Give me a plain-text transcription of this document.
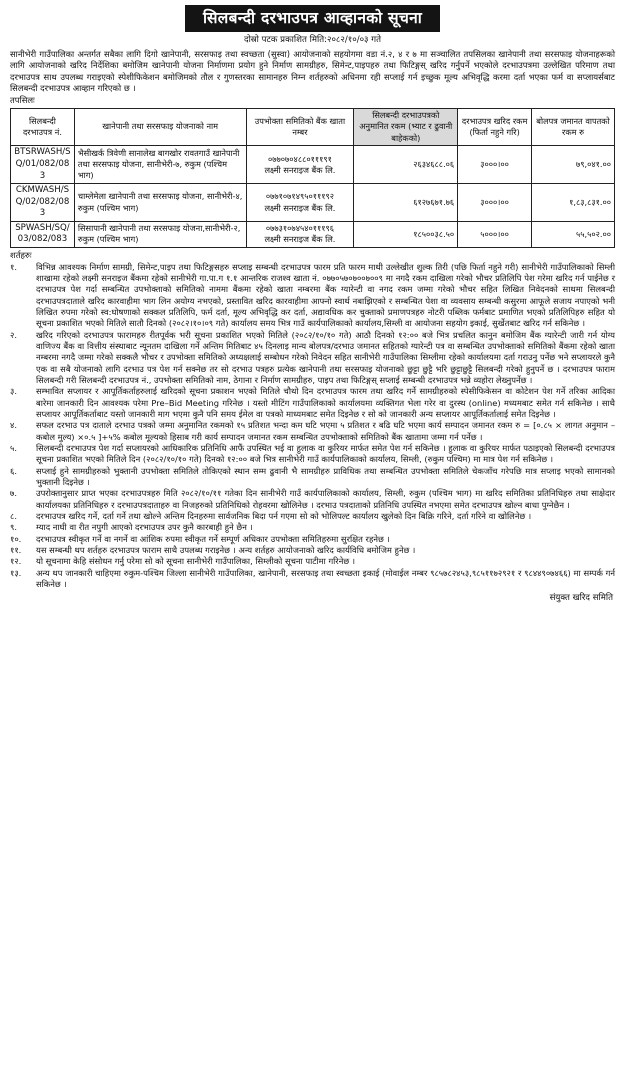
सिलबन्दी दरभाउपत्र आव्हानको सूचना
दोस्रो पटक प्रकाशित मिति:२०८२/१०/०३ गते
सानीभेरी गाउँपालिका अन्तर्गत सबैका लागि दिगो खानेपानी, सरसफाइ तथा स्वच्छता (सुस्वा) आयोजनाको सहयोगमा वडा नं.२, ४ र ७ मा सञ्चालित तपसिलका खानेपानी तथा सरसफाइ योजनाहरूको लागि आयोजनाको खरिद निर्देशिका बमोजिम खानेपानी योजना निर्माणमा प्रयोग हुने निर्माण सामग्रीहरु, सिमेन्ट,पाइपहरु तथा फिटिङ्गस् खरिद गर्नुपर्ने भएकोले दरभाउपत्रमा उल्लेखित परिमाण तथा दरभाउपत्र साथ उपलब्ध गराइएको स्पेशीफिकेशन बमोजिमको तौल र गुणस्तरका सामानहरु निम्न शर्तहरुको अधिनमा रही सप्लाई गर्न इच्छुक मूल्य अभिवृद्धि करमा दर्ता भएका फर्म वा सप्लायर्सबाट सिलबन्दी दरभाउपत्र आव्हान गरिएको छ ।
तपसिलः
सिलबन्दी दरभाउपत्र नं.	खानेपानी तथा सरसफाइ योजनाको नाम	उपभोक्ता समितिको बैंक खाता नम्बर	सिलबन्दी दरभाउपत्रको अनुमानित रकम (भ्याट र ढुवानी बाहेकको)	दरभाउपत्र खरिद रकम (फिर्ता नहुने गरि)	बोलपत्र जमानत वापतको रकम रु
BTSRWASH/SQ/01/082/083	भैसीखर्क त्रिवेणी सानालेख बागखोर रावतगाउँ खानेपानी तथा सरसफाइ योजना, सानीभेरी-७, रुकुम (पश्चिम भाग)	०७७०७०४८८०१११९१
लक्ष्मी सनराइज बैंक लि.	२६३४६८८.०६	३०००।००	७९,०४१.००
CKMWASH/SQ/02/082/083	चाम्लेमेला खानेपानी तथा सरसफाइ योजना, सानीभेरी-४, रुकुम (पश्चिम भाग)	०७७१०७१४९५०१११९२
लक्ष्मी सनराइज बैंक लि.	६१२७६७१.७६	३०००।००	१,८३,८३१.००
SPWASH/SQ/03/082/083	सिसापानी खानेपानी तथा सरसफाइ योजना,सानीभेरी-२, रुकुम (पश्चिम भाग)	०७७३१०७४५४०१११९६
लक्ष्मी सनराइज बैंक लि.	१८५००३८.५०	५०००।००	५५,५०२.००
शर्तहरुः
१.	विभिन्न आवश्यक निर्माण सामग्री, सिमेन्ट,पाइप तथा फिटिङ्गसहरु सप्लाइ सम्बन्धी दरभाउपत्र फारम प्रति फारम माथी उल्लेखीत शुल्क तिरी (पछि फिर्ता नहुने गरी) सानीभेरी गाउँपालिकाको सिम्ली शाखामा रहेको लक्ष्मी सनराइज बैंकमा रहेको सानीभेरी गा.पा.ग १.१ आन्तरिक राजश्व खाता नं. ०७७०५७०७००७००९ मा नगदै रकम दाखिला गरेको भौचर प्रतिलिपि पेश गरेमा खरिद गर्न पाईनेछ र दरभाउपत्र पेश गर्दा सम्बन्धित उपभोक्ताको समितिको नाममा बैंकमा रहेको खाता नम्बरमा बैंक ग्यारेन्टी वा नगद रकम जम्मा गरेको भौचर सहित लिखित निवेदनको साथमा सिलबन्दी दरभाउपत्रदाताले खरिद कारवाहीमा भाग लिन अयोग्य नभएको, प्रस्तावित खरिद कारवाहीमा आफ्नो स्वार्थ नबाझिएको र सम्बन्धित पेशा वा व्यवसाय सम्बन्धी कसुरमा आफूले सजाय नपाएको भनी लिखित रुपमा गरेको स्व:घोषणाको सक्कल प्रतिलिपि, फर्म दर्ता, मूल्य अभिवृद्धि कर दर्ता, अद्यावधिक कर चुक्ताको प्रमाणपत्रहरु नोटरी पब्लिक फर्मबाट प्रमाणित भएको प्रतिलिपिहरु सहित यो सूचना प्रकाशित भएको मितिले सातौ दिनको (२०८२।१०।०९ गते) कार्यालय समय भित्र गाउँ कार्यपालिकाको कार्यालय,सिम्ली वा आयोजना सहयोग इकाई, सुर्खेतबाट खरिद गर्न सकिनेछ ।
२.	खरिद गरिएको दरभाउपत्र फारामहरु रीतपूर्वक भरी सूचना प्रकाशित भएको मितिले (२०८२/१०/१० गते) आठौ दिनको १२:०० बजे भित्र प्रचलित कानुन बमोजिम बैंक ग्यारेन्टी जारी गर्न योग्य वाणिज्य बैंक वा वित्तीय संस्थाबाट न्यूनतम दाखिला गर्ने अन्तिम मितिबाट ४५ दिनलाइ मान्य बोलपत्र/दरभाउ जमानत सहितको ग्यारेन्टी पत्र वा सम्बन्धित उपभोक्ताको समितिको बैंकमा रहेको खाता नम्बरमा नगदै जम्मा गरेको सक्कलै भौचर र उपभोक्ता समितिको अध्यक्षलाई सम्बोधन गरेको निवेदन सहित सानीभेरी गाउँपालिका सिम्लीमा रहेको कार्यालयमा दर्ता गराउनु पर्नेछ भने सप्लायरले कुनै एक वा सबै योजनाको लागि दरभाउ पत्र पेश गर्न सक्नेछ तर सो दरभाउ पत्रहरु प्रत्येक खानेपानी तथा सरसफाइ योजनाको छुट्टा छुट्टै भरि छुट्टाछुट्टै सिलबन्दी गरेको हुनुपर्ने छ । दरभाउपत्र फाराम सिलबन्दी गरी सिलबन्दी दरभाउपत्र नं., उपभोक्ता समितिको नाम, ठेगाना र निर्माण सामग्रीहरु, पाइप तथा फिटिङ्गस् सप्लाई सम्बन्धी दरभाउपत्र भन्ने व्यहोरा लेख्नुपर्नेछ ।
३.	सम्भावित सप्लायर र आपूर्तिकर्ताहरुलाई खरिदको सूचना प्रकाशन भएको मितिले चौथो दिन दरभाउपत्र फारम तथा खरिद गर्ने सामग्रीहरुको स्पेसीफिकेसन वा कोटेशन पेश गर्ने तरिका आदिका बारेमा जानकारी दिन आवश्यक परेमा Pre–Bid Meeting गरिनेछ । यस्तो मीटिंग गाउँपालिकाको कार्यालयमा व्यक्तिगत भेला गरेर वा दुरस्थ (online) मध्यमबाट समेत गर्न सकिनेछ । साथै सप्लायर आपूर्तिकर्ताबाट यस्तो जानकारी माग भएमा कुनै पनि समय ईमेल वा पत्रको माध्यमबाट समेत दिइनेछ र सो को जानकारी अन्य सप्लायर आपूर्तिकर्तालाई समेत दिइनेछ ।
४.	सफल दरभाउ पत्र दाताले दरभाउ पत्रको जम्मा अनुमानित रकमको १५ प्रतिशत भन्दा कम घटि भएमा ५ प्रतिशत र बढि घटि भएमा कार्य सम्पादन जमानत रकम रु = [०.८५ × लागत अनुमान – कबोल मुल्य) ×०.५ ]+५% कबोल मूल्यको हिसाब गरी कार्य सम्पादन जमानत रकम सम्बन्धित उपभोक्ताको समितिको बैंक खातामा जम्मा गर्न पर्नेछ ।
५.	सिलबन्दी दरभाउपत्र पेश गर्दा सप्लायरको आधिकारिक प्रतिनिधि आफैं उपस्थित भई वा हुलाक वा कुरियर मार्फत समेत पेश गर्न सकिनेछ । हुलाक वा कुरियर मार्फत पठाइएको सिलबन्दी दरभाउपत्र सूचना प्रकाशित भएको मितिले दिन (२०८२/१०/१० गते) दिनको १२:०० बजे भित्र सानीभेरी गाउँ कार्यपालिकाको कार्यालय, सिम्ली, (रुकुम पश्चिम) मा मात्र पेश गर्न सकिनेछ ।
६.	सप्लाई हुने सामग्रीहरुको भुक्तानी उपभोक्ता समितिले तोकिएको स्थान सम्म ढुवानी भै सामग्रीहरु प्राविधिक तथा सम्बन्धित उपभोक्ता समितिले चेकजाँच गरेपछि मात्र सप्लाइ भएको सामानको भुक्तानी दिइनेछ ।
७.	उपरोक्तानुसार प्राप्त भएका दरभाउपत्रहरु मिति २०८२/१०/११ गतेका दिन सानीभेरी गाउँ कार्यपालिकाको कार्यालय, सिम्ली, रुकुम (पश्चिम भाग) मा खरिद समितिका प्रतिनिधिहरु तथा साक्षेदार कार्यालयका प्रतिनिधिहरु र दरभाउपत्रदाताहरु वा निजहरुको प्रतिनिधिको रोहवरमा खोलिनेछ । दरभाउ पत्रदाताको प्रतिनिधि उपस्थित नभएमा समेत दरभाउपत्र खोल्न बाधा पुग्नेछैन ।
८.	दरभाउपत्र खरिद गर्ने, दर्ता गर्ने तथा खोल्ने अन्तिम दिनहरुमा सार्वजनिक बिदा पर्न गएमा सो को भोलिपल्ट कार्यालय खुलेको दिन बिक्रि गरिने, दर्ता गरिने वा खोलिनेछ ।
९.	म्याद नाघी वा रीत नपुगी आएको दरभाउपत्र उपर कुनै कारबाही हुने छैन ।
१०.	दरभाउपत्र स्वीकृत गर्ने वा नगर्ने वा आंशिक रुपमा स्वीकृत गर्ने सम्पूर्ण अधिकार उपभोक्ता समितिहरुमा सुरक्षित रहनेछ ।
११.	यस सम्बन्धी थप शर्तहरु दरभाउपत्र फाराम साथै उपलब्ध गराइनेछ । अन्य शर्तहरु आयोजनाको खरिद कार्यविधि बमोजिम हुनेछ ।
१२.	यो सूचनामा केहि संसोधन गर्नु परेमा सो को सूचना सानीभेरी गाउँपालिका, सिम्लीको सूचना पाटीमा गरिनेछ ।
१३.	अन्य थप जानकारी चाहिएमा रुकुम-पश्चिम जिल्ला सानीभेरी गाउँपालिका, खानेपानी, सरसफाइ तथा स्वच्छता इकाई (मोवाईल नम्बर ९८५७८२४५३,९८५११७२९२१ र ९८४४९०७४६६) मा सम्पर्क गर्न सकिनेछ ।
संयुक्त खरिद समिति
